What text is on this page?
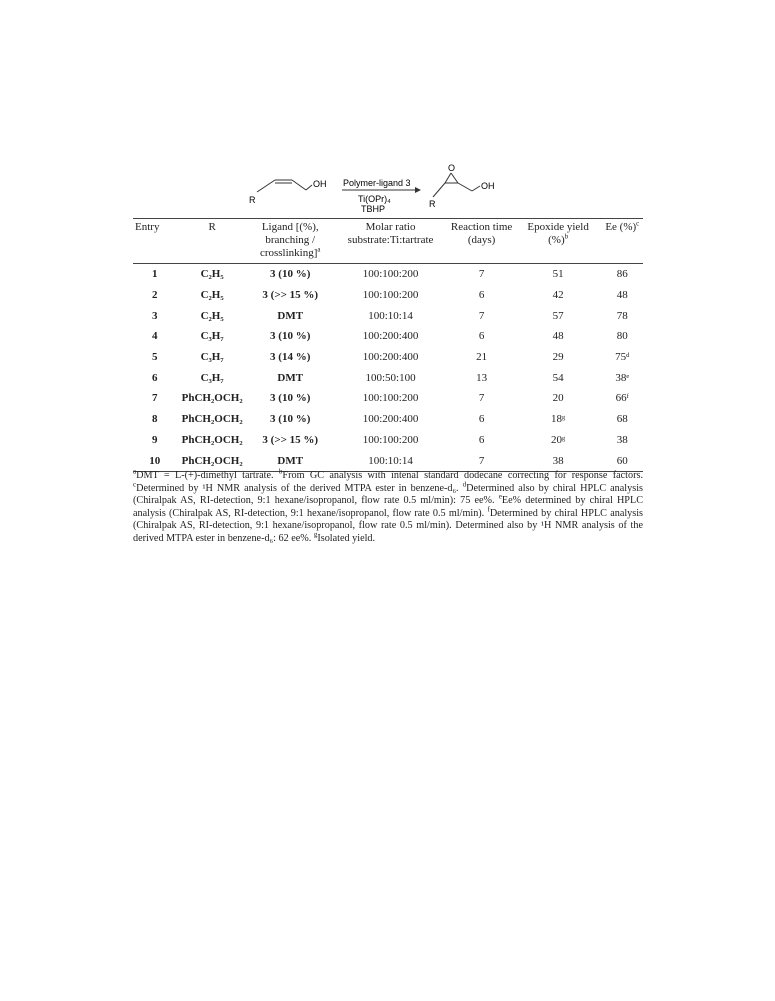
R
OH Polymer-ligand 3
Ti(OPr)₄
TBHP
O
R
OH
Entry	R	Ligand [(%), branching / crosslinking]$^a$	Molar ratio substrate:Ti:tartrate	Reaction time (days)	Epoxide yield (%)$^b$	Ee (%)$^c$
1	C₂H₅	3 (10 %)	100:100:200	7	51	86
2	C₂H₅	3 (>> 15 %)	100:100:200	6	42	48
3	C₂H₅	DMT	100:10:14	7	57	78
4	C₃H₇	3 (10 %)	100:200:400	6	48	80
5	C₃H₇	3 (14 %)	100:200:400	21	29	75ᵈ
6	C₃H₇	DMT	100:50:100	13	54	38ᵉ
7	PhCH₂OCH₂	3 (10 %)	100:100:200	7	20	66ᶠ
8	PhCH₂OCH₂	3 (10 %)	100:200:400	6	18ᵍ	68
9	PhCH₂OCH₂	3 (>> 15 %)	100:100:200	6	20ᵍ	38
10	PhCH₂OCH₂	DMT	100:10:14	7	38	60
$^a$DMT = L-(+)-dimethyl tartrate. $^b$From GC analysis with intenal standard dodecane correcting for response factors. $^c$Determined by ¹H NMR analysis of the derived MTPA ester in benzene-d₆. $^d$Determined also by chiral HPLC analysis (Chiralpak AS, RI-detection, 9:1 hexane/isopropanol, flow rate 0.5 ml/min): 75 ee%. $^e$Ee% determined by chiral HPLC analysis (Chiralpak AS, RI-detection, 9:1 hexane/isopropanol, flow rate 0.5 ml/min). $^f$Determined by chiral HPLC analysis (Chiralpak AS, RI-detection, 9:1 hexane/isopropanol, flow rate 0.5 ml/min). Determined also by ¹H NMR analysis of the derived MTPA ester in benzene-d₆: 62 ee%. $^g$Isolated yield.
